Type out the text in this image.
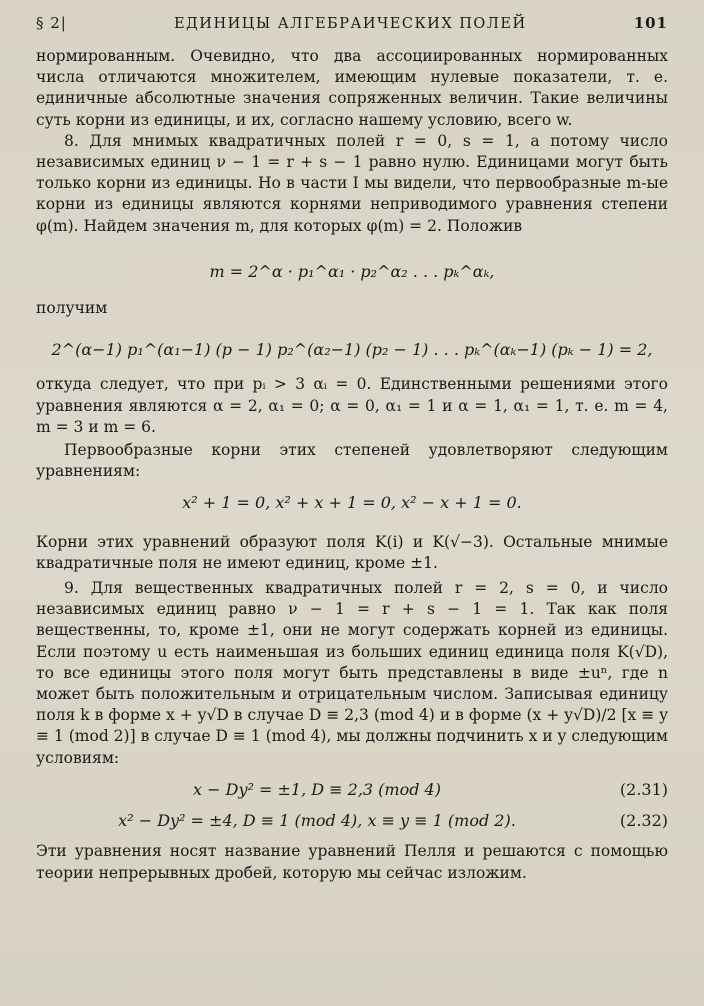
§ 2|	ЕДИНИЦЫ АЛГЕБРАИЧЕСКИХ ПОЛЕЙ	101

нормированным. Очевидно, что два ассоциированных нормированных числа отличаются множителем, имеющим нулевые показатели, т. е. единичные абсолютные значения сопряженных величин. Такие величины суть корни из единицы, и их, согласно нашему условию, всего w.

8. Для мнимых квадратичных полей r = 0, s = 1, а потому число независимых единиц ν − 1 = r + s − 1 равно нулю. Единицами могут быть только корни из единицы. Но в части I мы видели, что первообразные m-ые корни из единицы являются корнями неприводимого уравнения степени φ(m). Найдем значения m, для которых φ(m) = 2. Положив

m = 2^α · p₁^α₁ · p₂^α₂ . . . pₖ^αₖ,

получим

2^(α−1) p₁^(α₁−1) (p − 1) p₂^(α₂−1) (p₂ − 1) . . . pₖ^(αₖ−1) (pₖ − 1) = 2,

откуда следует, что при pᵢ > 3 αᵢ = 0. Единственными решениями этого уравнения являются α = 2, α₁ = 0; α = 0, α₁ = 1 и α = 1, α₁ = 1, т. е. m = 4, m = 3 и m = 6.

Первообразные корни этих степеней удовлетворяют следующим уравнениям:

x² + 1 = 0, x² + x + 1 = 0, x² − x + 1 = 0.

Корни этих уравнений образуют поля K(i) и K(√−3). Остальные мнимые квадратичные поля не имеют единиц, кроме ±1.

9. Для вещественных квадратичных полей r = 2, s = 0, и число независимых единиц равно ν − 1 = r + s − 1 = 1. Так как поля вещественны, то, кроме ±1, они не могут содержать корней из единицы. Если поэтому u есть наименьшая из больших единиц единица поля K(√D), то все единицы этого поля могут быть представлены в виде ±uⁿ, где n может быть положительным и отрицательным числом. Записывая единицу поля k в форме x + y√D в случае D ≡ 2,3 (mod 4) и в форме (x + y√D)/2 [x ≡ y ≡ 1 (mod 2)] в случае D ≡ 1 (mod 4), мы должны подчинить x и y следующим условиям:

x − Dy² = ±1, D ≡ 2,3 (mod 4)	(2.31)
x² − Dy² = ±4, D ≡ 1 (mod 4), x ≡ y ≡ 1 (mod 2).	(2.32)

Эти уравнения носят название уравнений Пелля и решаются с помощью теории непрерывных дробей, которую мы сейчас изложим.
